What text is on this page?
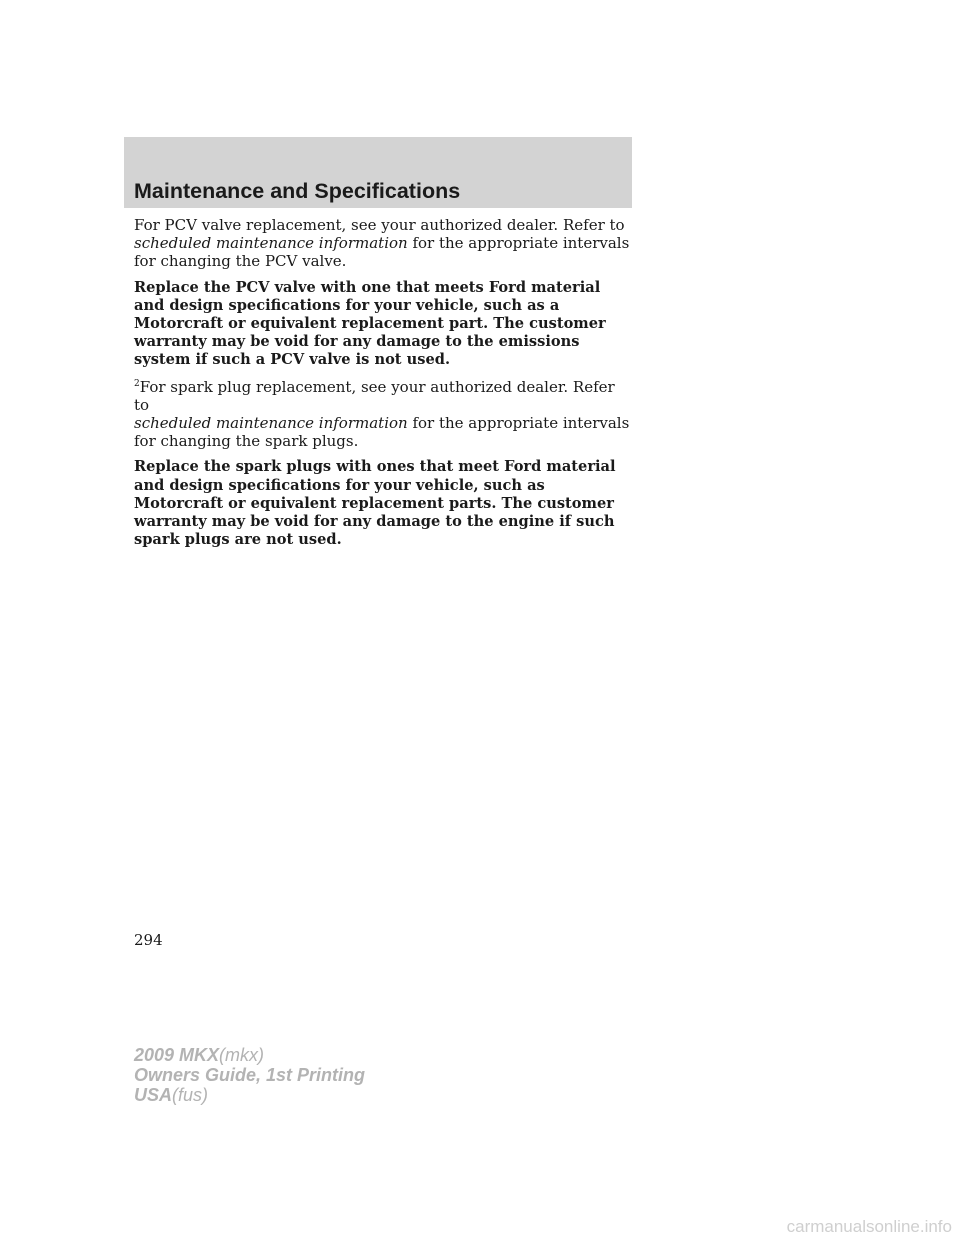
Maintenance and Specifications

For PCV valve replacement, see your authorized dealer. Refer to
scheduled maintenance information for the appropriate intervals for changing the PCV valve.

Replace the PCV valve with one that meets Ford material and design specifications for your vehicle, such as a Motorcraft or equivalent replacement part. The customer warranty may be void for any damage to the emissions system if such a PCV valve is not used.

$^2$For spark plug replacement, see your authorized dealer. Refer to
scheduled maintenance information for the appropriate intervals for changing the spark plugs.

Replace the spark plugs with ones that meet Ford material and design specifications for your vehicle, such as Motorcraft or equivalent replacement parts. The customer warranty may be void for any damage to the engine if such spark plugs are not used.

294
2009 MKX(mkx)
Owners Guide, 1st Printing
USA(fus)
carmanualsonline.info
